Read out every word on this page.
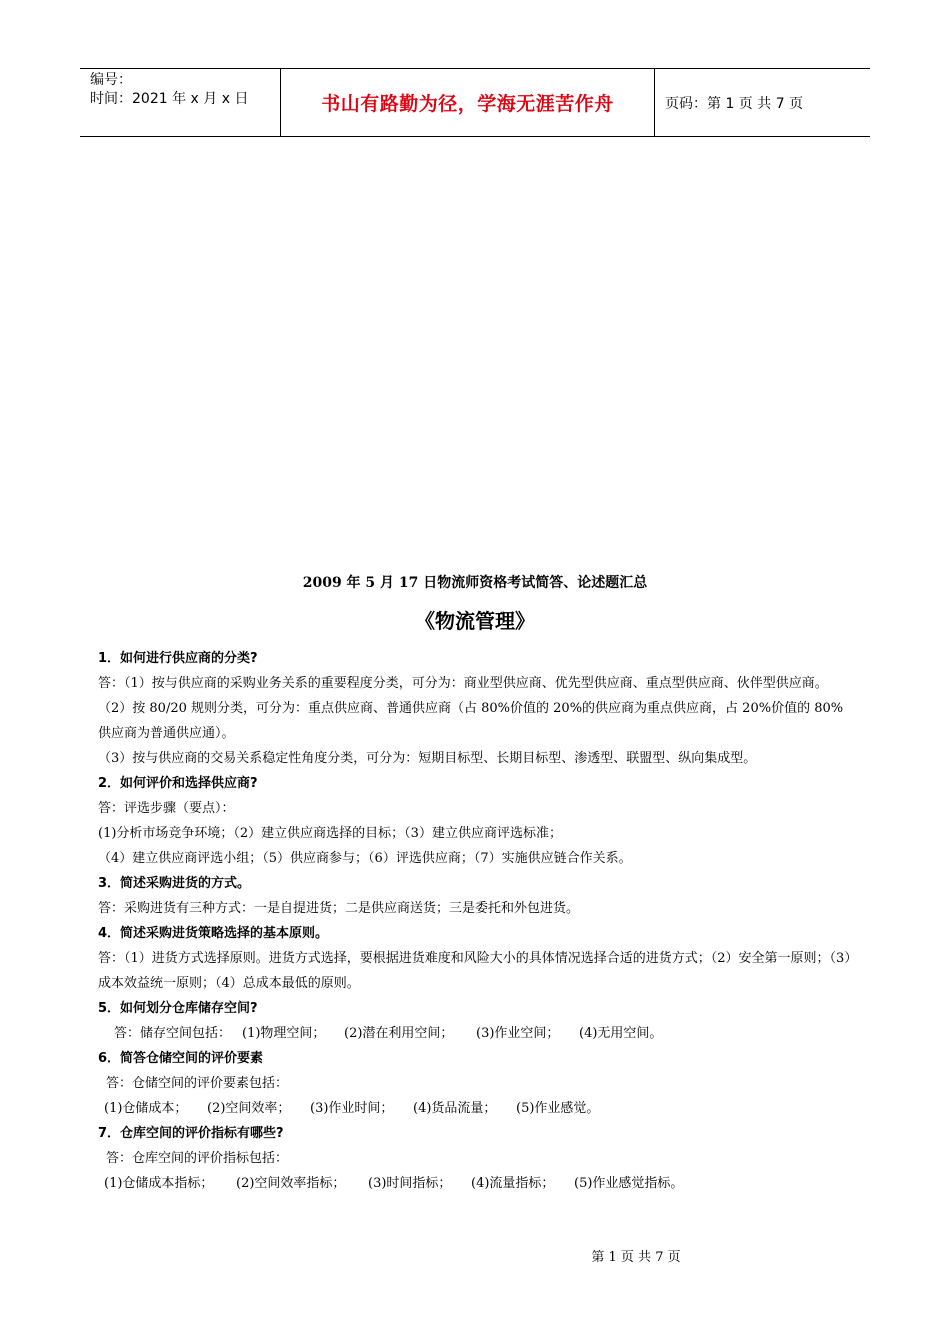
编号：
时间：2021 年 x 月 x 日	书山有路勤为径，学海无涯苦作舟	页码：第 1 页 共 7 页
2009 年 5 月 17 日物流师资格考试简答、论述题汇总
《物流管理》

1．如何进行供应商的分类?

答：（1）按与供应商的采购业务关系的重要程度分类，可分为：商业型供应商、优先型供应商、重点型供应商、伙伴型供应商。

（2）按 80/20 规则分类，可分为：重点供应商、普通供应商（占 80%价值的 20%的供应商为重点供应商，占 20%价值的 80%供应商为普通供应通）。

（3）按与供应商的交易关系稳定性角度分类，可分为：短期目标型、长期目标型、渗透型、联盟型、纵向集成型。

2．如何评价和选择供应商?

答：评选步骤（要点）：

(1)分析市场竞争环境；（2）建立供应商选择的目标；（3）建立供应商评选标准；

（4）建立供应商评选小组；（5）供应商参与；（6）评选供应商；（7）实施供应链合作关系。

3．简述采购进货的方式。

答：采购进货有三种方式：一是自提进货；二是供应商送货；三是委托和外包进货。

4．简述采购进货策略选择的基本原则。

答：（1）进货方式选择原则。进货方式选择，要根据进货难度和风险大小的具体情况选择合适的进货方式；（2）安全第一原则；（3）成本效益统一原则；（4）总成本最低的原则。

5．如何划分仓库储存空间?

答：储存空间包括： (1)物理空间；	(2)潜在利用空间；	(3)作业空间；	(4)无用空间。

6．简答仓储空间的评价要素

答：仓储空间的评价要素包括：

(1)仓储成本；	(2)空间效率；	(3)作业时间；	(4)货品流量；	(5)作业感觉。

7．仓库空间的评价指标有哪些?

答：仓库空间的评价指标包括：

(1)仓储成本指标；	(2)空间效率指标；	(3)时间指标；	(4)流量指标；	(5)作业感觉指标。

第 1 页 共 7 页
